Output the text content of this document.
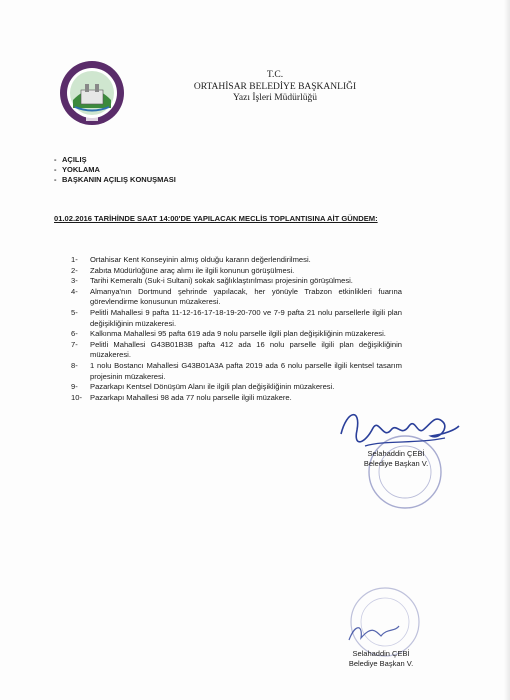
T.C.
ORTAHİSAR BELEDİYE BAŞKANLIĞI
Yazı İşleri Müdürlüğü
- AÇILIŞ
- YOKLAMA
- BAŞKANIN AÇILIŞ KONUŞMASI
01.02.2016 TARİHİNDE SAAT 14:00'DE YAPILACAK MECLİS TOPLANTISINA AİT GÜNDEM:
1- Ortahisar Kent Konseyinin almış olduğu kararın değerlendirilmesi.
2- Zabıta Müdürlüğüne araç alımı ile ilgili konunun görüşülmesi.
3- Tarihi Kemeraltı (Suk-i Sultani) sokak sağlıklaştırılması projesinin görüşülmesi.
4- Almanya'nın Dortmund şehrinde yapılacak, her yönüyle Trabzon etkinlikleri fuarına görevlendirme konusunun müzakeresi.
5- Pelitli Mahallesi 9 pafta 11-12-16-17-18-19-20-700 ve 7-9 pafta 21 nolu parsellerle ilgili plan değişikliğinin müzakeresi.
6- Kalkınma Mahallesi 95 pafta 619 ada 9 nolu parselle ilgili plan değişikliğinin müzakeresi.
7- Pelitli Mahallesi G43B01B3B pafta 412 ada 16 nolu parselle ilgili plan değişikliğinin müzakeresi.
8- 1 nolu Bostancı Mahallesi G43B01A3A pafta 2019 ada 6 nolu parselle ilgili kentsel tasarım projesinin müzakeresi.
9- Pazarkapı Kentsel Dönüşüm Alanı ile ilgili plan değişikliğinin müzakeresi.
10- Pazarkapı Mahallesi 98 ada 77 nolu parselle ilgili müzakere.
Selahaddin ÇEBİ
Belediye Başkan V.
Selahaddin ÇEBİ
Belediye Başkan V.
